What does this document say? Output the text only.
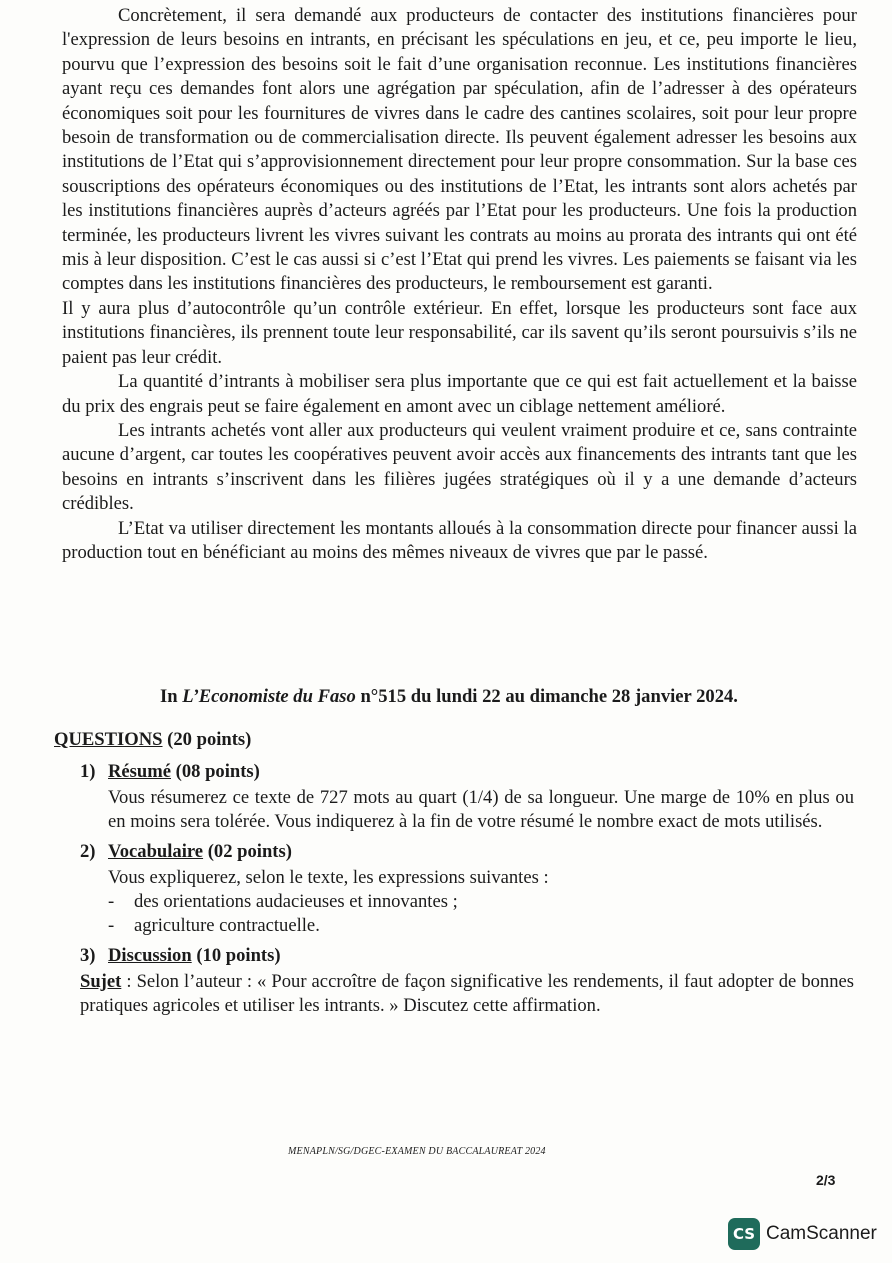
Concrètement, il sera demandé aux producteurs de contacter des institutions financières pour l'expression de leurs besoins en intrants, en précisant les spéculations en jeu, et ce, peu importe le lieu, pourvu que l’expression des besoins soit le fait d’une organisation reconnue. Les institutions financières ayant reçu ces demandes font alors une agrégation par spéculation, afin de l’adresser à des opérateurs économiques soit pour les fournitures de vivres dans le cadre des cantines scolaires, soit pour leur propre besoin de transformation ou de commercialisation directe. Ils peuvent également adresser les besoins aux institutions de l’Etat qui s’approvisionnement directement pour leur propre consommation. Sur la base ces souscriptions des opérateurs économiques ou des institutions de l’Etat, les intrants sont alors achetés par les institutions financières auprès d’acteurs agréés par l’Etat pour les producteurs. Une fois la production terminée, les producteurs livrent les vivres suivant les contrats au moins au prorata des intrants qui ont été mis à leur disposition. C’est le cas aussi si c’est l’Etat qui prend les vivres. Les paiements se faisant via les comptes dans les institutions financières des producteurs, le remboursement est garanti.

Il y aura plus d’autocontrôle qu’un contrôle extérieur. En effet, lorsque les producteurs sont face aux institutions financières, ils prennent toute leur responsabilité, car ils savent qu’ils seront poursuivis s’ils ne paient pas leur crédit.

La quantité d’intrants à mobiliser sera plus importante que ce qui est fait actuellement et la baisse du prix des engrais peut se faire également en amont avec un ciblage nettement amélioré.

Les intrants achetés vont aller aux producteurs qui veulent vraiment produire et ce, sans contrainte aucune d’argent, car toutes les coopératives peuvent avoir accès aux financements des intrants tant que les besoins en intrants s’inscrivent dans les filières jugées stratégiques où il y a une demande d’acteurs crédibles.

L’Etat va utiliser directement les montants alloués à la consommation directe pour financer aussi la production tout en bénéficiant au moins des mêmes niveaux de vivres que par le passé.

In L’Economiste du Faso n°515 du lundi 22 au dimanche 28 janvier 2024.

QUESTIONS (20 points)

1) Résumé (08 points)

Vous résumerez ce texte de 727 mots au quart (1/4) de sa longueur. Une marge de 10% en plus ou en moins sera tolérée. Vous indiquerez à la fin de votre résumé le nombre exact de mots utilisés.

2) Vocabulaire (02 points)

Vous expliquerez, selon le texte, les expressions suivantes :

- des orientations audacieuses et innovantes ;
- agriculture contractuelle.

3) Discussion (10 points)

Sujet : Selon l’auteur : « Pour accroître de façon significative les rendements, il faut adopter de bonnes pratiques agricoles et utiliser les intrants. » Discutez cette affirmation.

MENAPLN/SG/DGEC-EXAMEN DU BACCALAUREAT 2024
2/3
CS CamScanner
